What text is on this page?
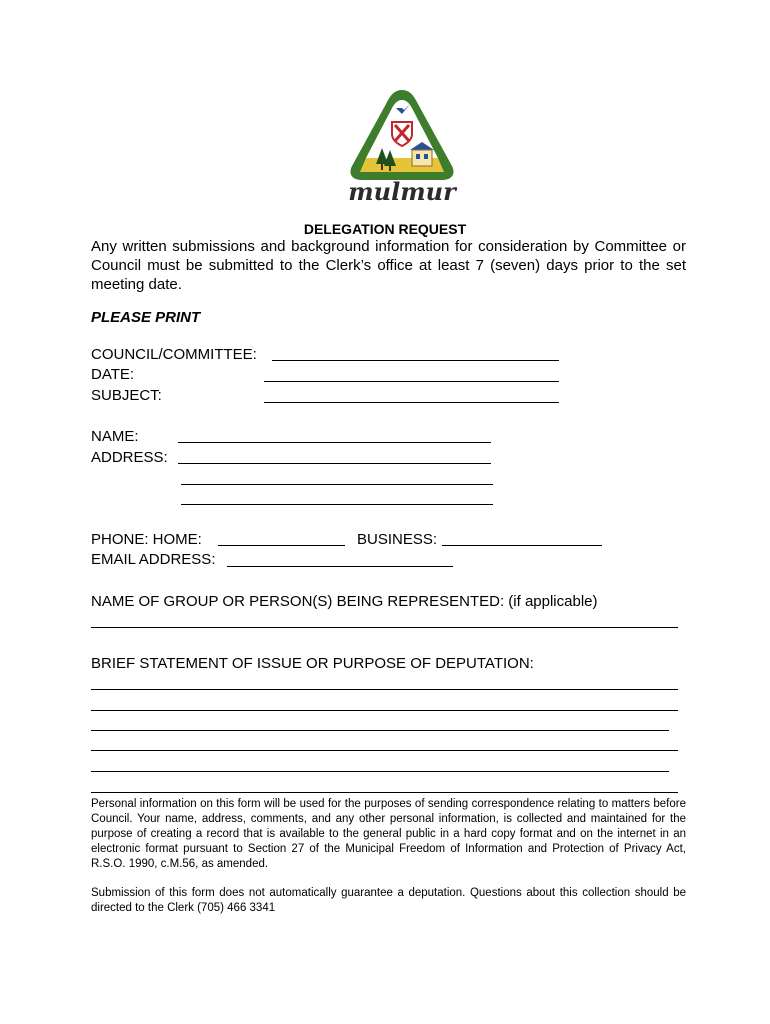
mulmur
DELEGATION REQUEST
Any written submissions and background information for consideration by Committee or Council must be submitted to the Clerk’s office at least 7 (seven) days prior to the set meeting date.
PLEASE PRINT
COUNCIL/COMMITTEE:
DATE:
SUBJECT:
NAME:
ADDRESS:
PHONE: HOME:	BUSINESS:
EMAIL ADDRESS:
NAME OF GROUP OR PERSON(S) BEING REPRESENTED: (if applicable)
BRIEF STATEMENT OF ISSUE OR PURPOSE OF DEPUTATION:
Personal information on this form will be used for the purposes of sending correspondence relating to matters before Council. Your name, address, comments, and any other personal information, is collected and maintained for the purpose of creating a record that is available to the general public in a hard copy format and on the internet in an electronic format pursuant to Section 27 of the Municipal Freedom of Information and Protection of Privacy Act, R.S.O. 1990, c.M.56, as amended.
Submission of this form does not automatically guarantee a deputation. Questions about this collection should be directed to the Clerk (705) 466 3341
